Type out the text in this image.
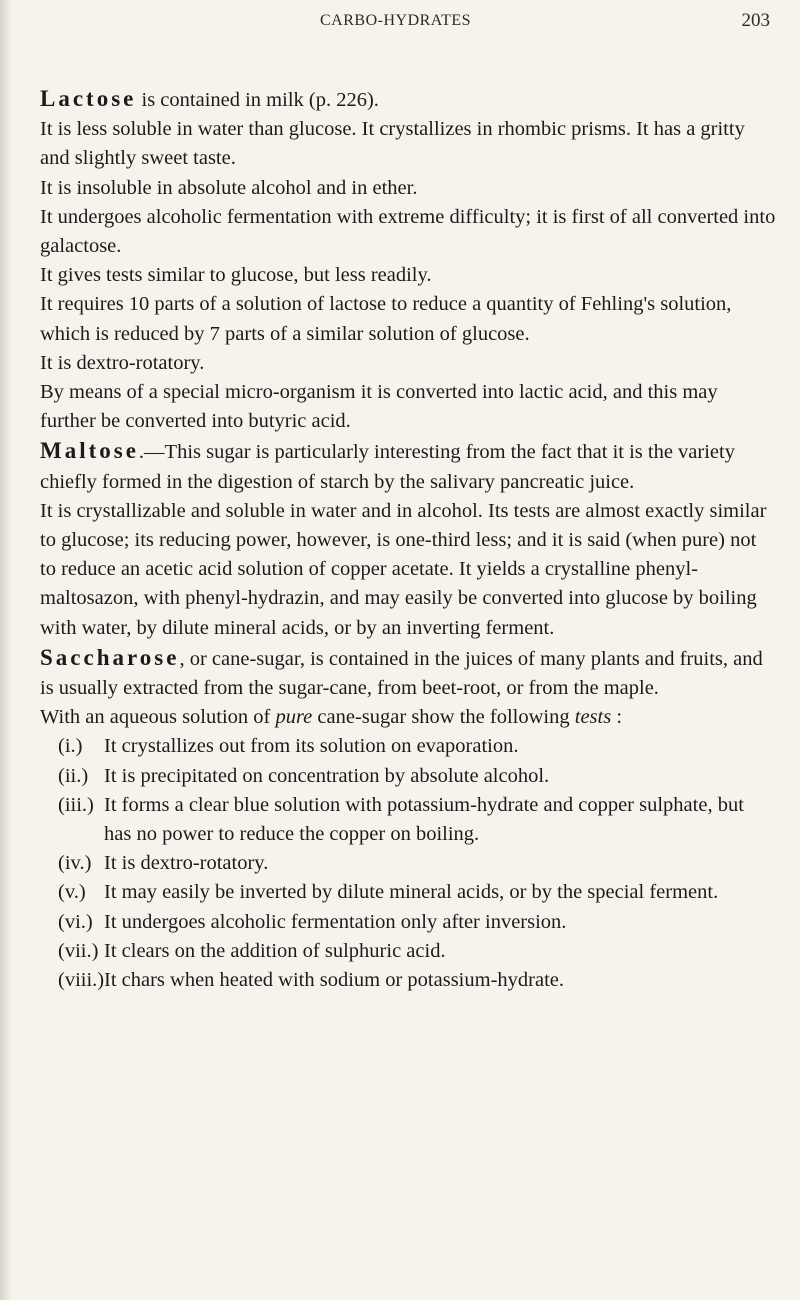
CARBO-HYDRATES	203

Lactose is contained in milk (p. 226).

It is less soluble in water than glucose. It crystallizes in rhombic prisms. It has a gritty and slightly sweet taste.

It is insoluble in absolute alcohol and in ether.

It undergoes alcoholic fermentation with extreme difficulty; it is first of all converted into galactose.

It gives tests similar to glucose, but less readily.

It requires 10 parts of a solution of lactose to reduce a quantity of Fehling's solution, which is reduced by 7 parts of a similar solution of glucose.

It is dextro-rotatory.

By means of a special micro-organism it is converted into lactic acid, and this may further be converted into butyric acid.

Maltose.—This sugar is particularly interesting from the fact that it is the variety chiefly formed in the digestion of starch by the salivary pancreatic juice.

It is crystallizable and soluble in water and in alcohol. Its tests are almost exactly similar to glucose; its reducing power, however, is one-third less; and it is said (when pure) not to reduce an acetic acid solution of copper acetate. It yields a crystalline phenyl-maltosazon, with phenyl-hydrazin, and may easily be converted into glucose by boiling with water, by dilute mineral acids, or by an inverting ferment.

Saccharose, or cane-sugar, is contained in the juices of many plants and fruits, and is usually extracted from the sugar-cane, from beet-root, or from the maple.

With an aqueous solution of pure cane-sugar show the following tests :

(i.)	It crystallizes out from its solution on evaporation.
(ii.) It is precipitated on concentration by absolute alcohol.
(iii.) It forms a clear blue solution with potassium-hydrate and copper sulphate, but has no power to reduce the copper on boiling.
(iv.) It is dextro-rotatory.
(v.) It may easily be inverted by dilute mineral acids, or by the special ferment.
(vi.) It undergoes alcoholic fermentation only after inversion.
(vii.) It clears on the addition of sulphuric acid.
(viii.) It chars when heated with sodium or potassium-hydrate.
